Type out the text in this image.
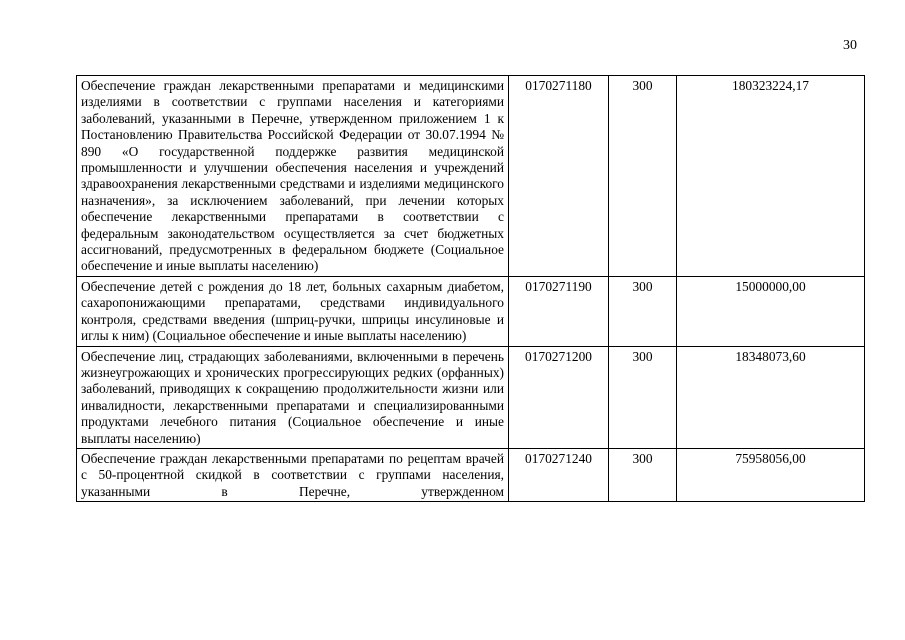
30
Обеспечение граждан лекарственными препаратами и медицинскими изделиями в соответствии с группами населения и категориями заболеваний, указанными в Перечне, утвержденном приложением 1 к Постановлению Правительства Российской Федерации от 30.07.1994 № 890 «О государственной поддержке развития медицинской промышленности и улучшении обеспечения населения и учреждений здравоохранения лекарственными средствами и изделиями медицинского назначения», за исключением заболеваний, при лечении которых обеспечение лекарственными препаратами в соответствии с федеральным законодательством осуществляется за счет бюджетных ассигнований, предусмотренных в федеральном бюджете (Социальное обеспечение и иные выплаты населению)	0170271180	300	180323224,17
Обеспечение детей с рождения до 18 лет, больных сахарным диабетом, сахаропонижающими препаратами, средствами индивидуального контроля, средствами введения (шприц-ручки, шприцы инсулиновые и иглы к ним) (Социальное обеспечение и иные выплаты населению)	0170271190	300	15000000,00
Обеспечение лиц, страдающих заболеваниями, включенными в перечень жизнеугрожающих и хронических прогрессирующих редких (орфанных) заболеваний, приводящих к сокращению продолжительности жизни или инвалидности, лекарственными препаратами и специализированными продуктами лечебного питания (Социальное обеспечение и иные выплаты населению)	0170271200	300	18348073,60
Обеспечение граждан лекарственными препаратами по рецептам врачей с 50-процентной скидкой в соответствии с группами населения, указанными в Перечне, утвержденном	0170271240	300	75958056,00
